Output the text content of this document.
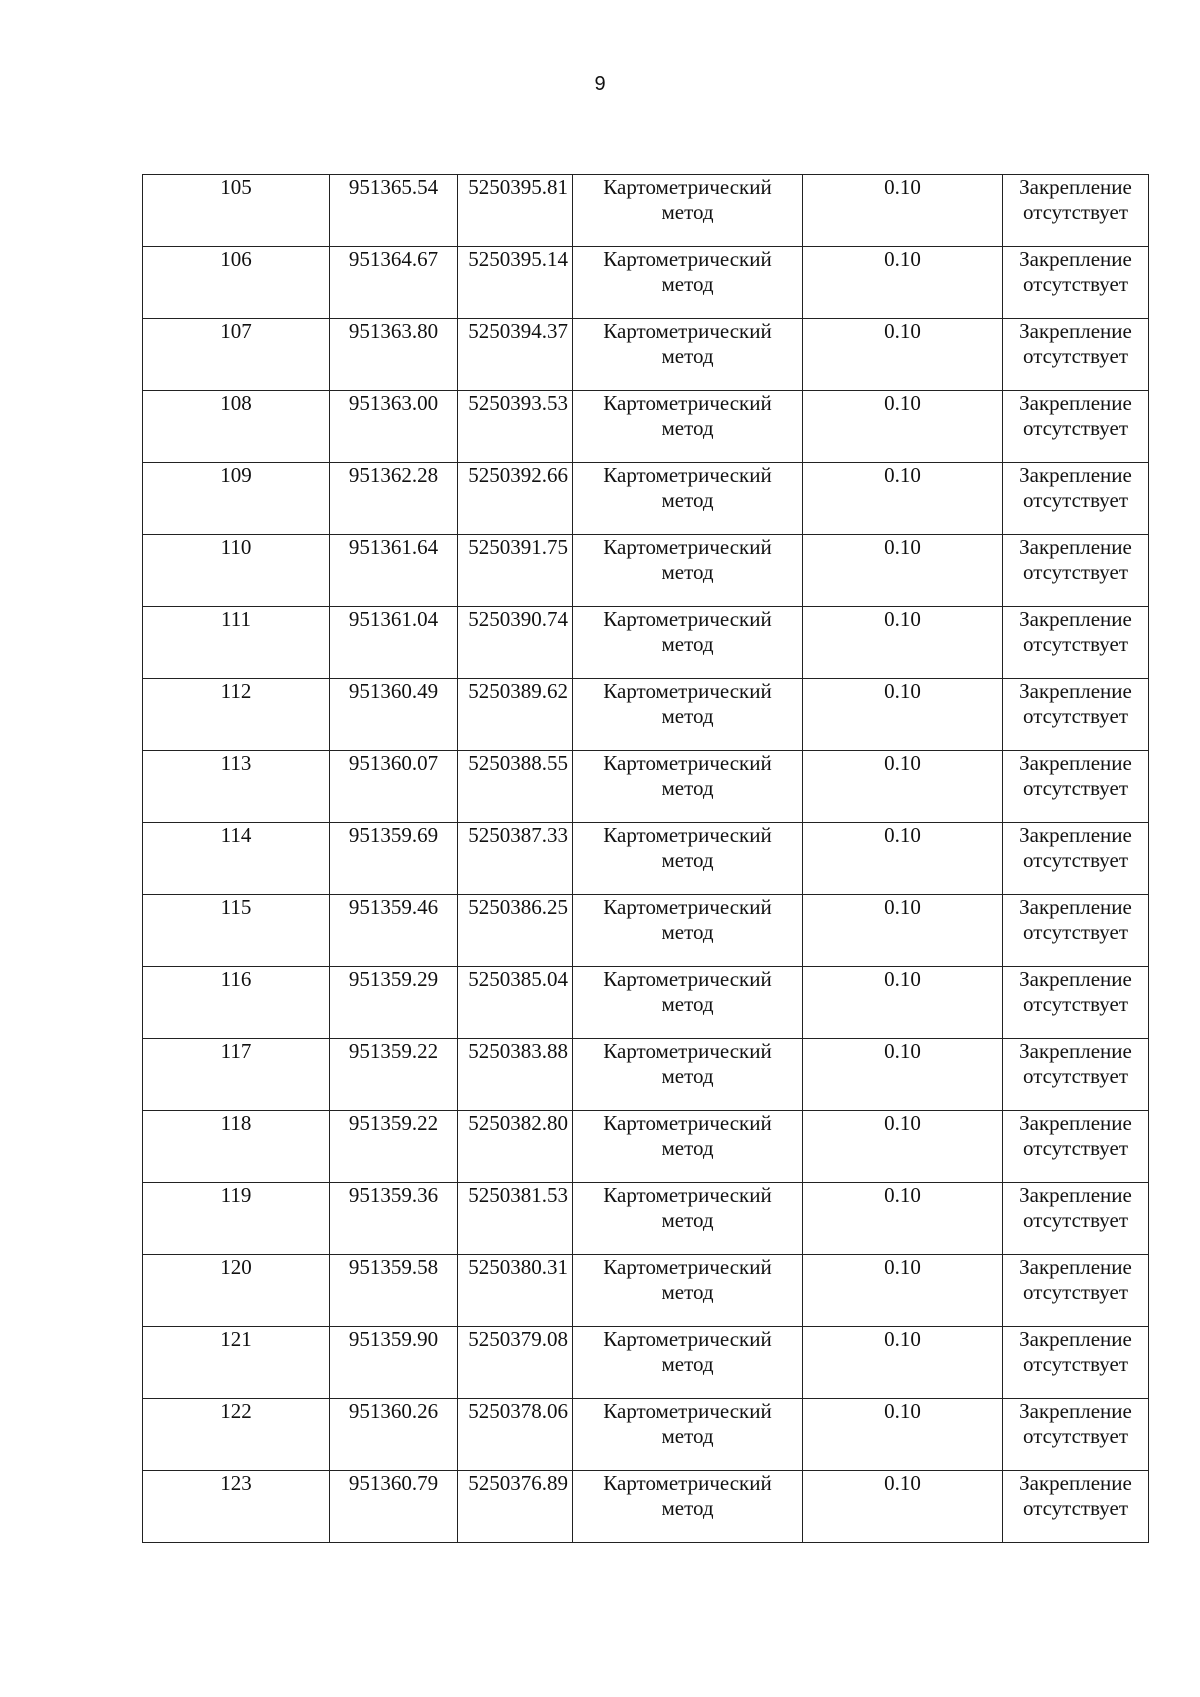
9
105	951365.54	5250395.81	Картометрический метод	0.10	Закрепление отсутствует
106	951364.67	5250395.14	Картометрический метод	0.10	Закрепление отсутствует
107	951363.80	5250394.37	Картометрический метод	0.10	Закрепление отсутствует
108	951363.00	5250393.53	Картометрический метод	0.10	Закрепление отсутствует
109	951362.28	5250392.66	Картометрический метод	0.10	Закрепление отсутствует
110	951361.64	5250391.75	Картометрический метод	0.10	Закрепление отсутствует
111	951361.04	5250390.74	Картометрический метод	0.10	Закрепление отсутствует
112	951360.49	5250389.62	Картометрический метод	0.10	Закрепление отсутствует
113	951360.07	5250388.55	Картометрический метод	0.10	Закрепление отсутствует
114	951359.69	5250387.33	Картометрический метод	0.10	Закрепление отсутствует
115	951359.46	5250386.25	Картометрический метод	0.10	Закрепление отсутствует
116	951359.29	5250385.04	Картометрический метод	0.10	Закрепление отсутствует
117	951359.22	5250383.88	Картометрический метод	0.10	Закрепление отсутствует
118	951359.22	5250382.80	Картометрический метод	0.10	Закрепление отсутствует
119	951359.36	5250381.53	Картометрический метод	0.10	Закрепление отсутствует
120	951359.58	5250380.31	Картометрический метод	0.10	Закрепление отсутствует
121	951359.90	5250379.08	Картометрический метод	0.10	Закрепление отсутствует
122	951360.26	5250378.06	Картометрический метод	0.10	Закрепление отсутствует
123	951360.79	5250376.89	Картометрический метод	0.10	Закрепление отсутствует
